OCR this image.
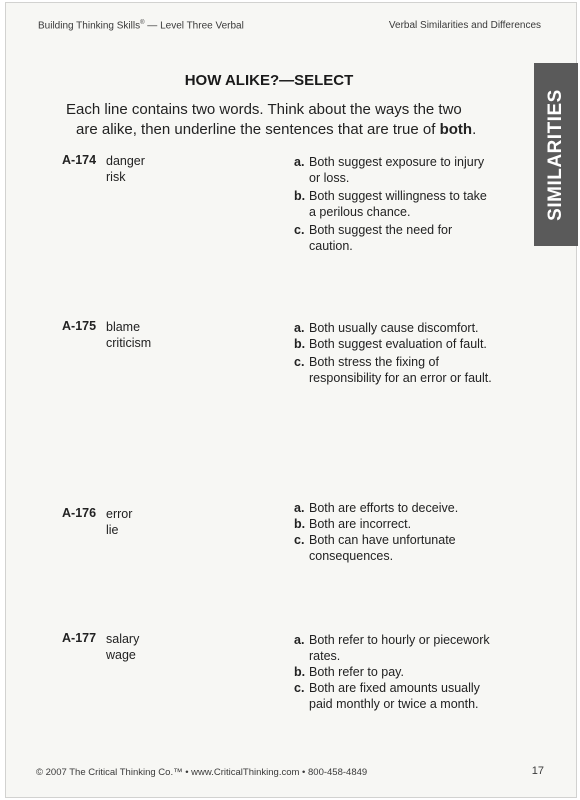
Building Thinking Skills® — Level Three Verbal	Verbal Similarities and Differences
SIMILARITIES
HOW ALIKE?—SELECT
Each line contains two words. Think about the ways the two
are alike, then underline the sentences that are true of both.
A-174 danger
risk
a. Both suggest exposure to injury or loss.
b. Both suggest willingness to take a perilous chance.
c. Both suggest the need for caution.
A-175 blame
criticism
a. Both usually cause discomfort.
b. Both suggest evaluation of fault.
c. Both stress the fixing of responsibility for an error or fault.
A-176 error
lie
a. Both are efforts to deceive.
b. Both are incorrect.
c. Both can have unfortunate consequences.
A-177 salary
wage
a. Both refer to hourly or piecework rates.
b. Both refer to pay.
c. Both are fixed amounts usually paid monthly or twice a month.
© 2007 The Critical Thinking Co.™ • www.CriticalThinking.com • 800-458-4849	17
